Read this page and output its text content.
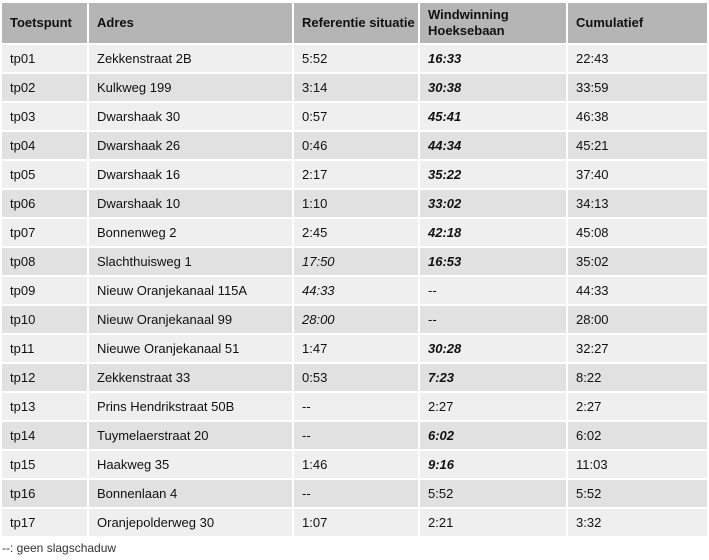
Toetspunt	Adres	Referentie situatie	Windwinning Hoeksebaan	Cumulatief
tp01	Zekkenstraat 2B	5:52	16:33	22:43
tp02	Kulkweg 199	3:14	30:38	33:59
tp03	Dwarshaak 30	0:57	45:41	46:38
tp04	Dwarshaak 26	0:46	44:34	45:21
tp05	Dwarshaak 16	2:17	35:22	37:40
tp06	Dwarshaak 10	1:10	33:02	34:13
tp07	Bonnenweg 2	2:45	42:18	45:08
tp08	Slachthuisweg 1	17:50	16:53	35:02
tp09	Nieuw Oranjekanaal 115A	44:33	--	44:33
tp10	Nieuw Oranjekanaal 99	28:00	--	28:00
tp11	Nieuwe Oranjekanaal 51	1:47	30:28	32:27
tp12	Zekkenstraat 33	0:53	7:23	8:22
tp13	Prins Hendrikstraat 50B	--	2:27	2:27
tp14	Tuymelaerstraat 20	--	6:02	6:02
tp15	Haakweg 35	1:46	9:16	11:03
tp16	Bonnenlaan 4	--	5:52	5:52
tp17	Oranjepolderweg 30	1:07	2:21	3:32
--: geen slagschaduw
